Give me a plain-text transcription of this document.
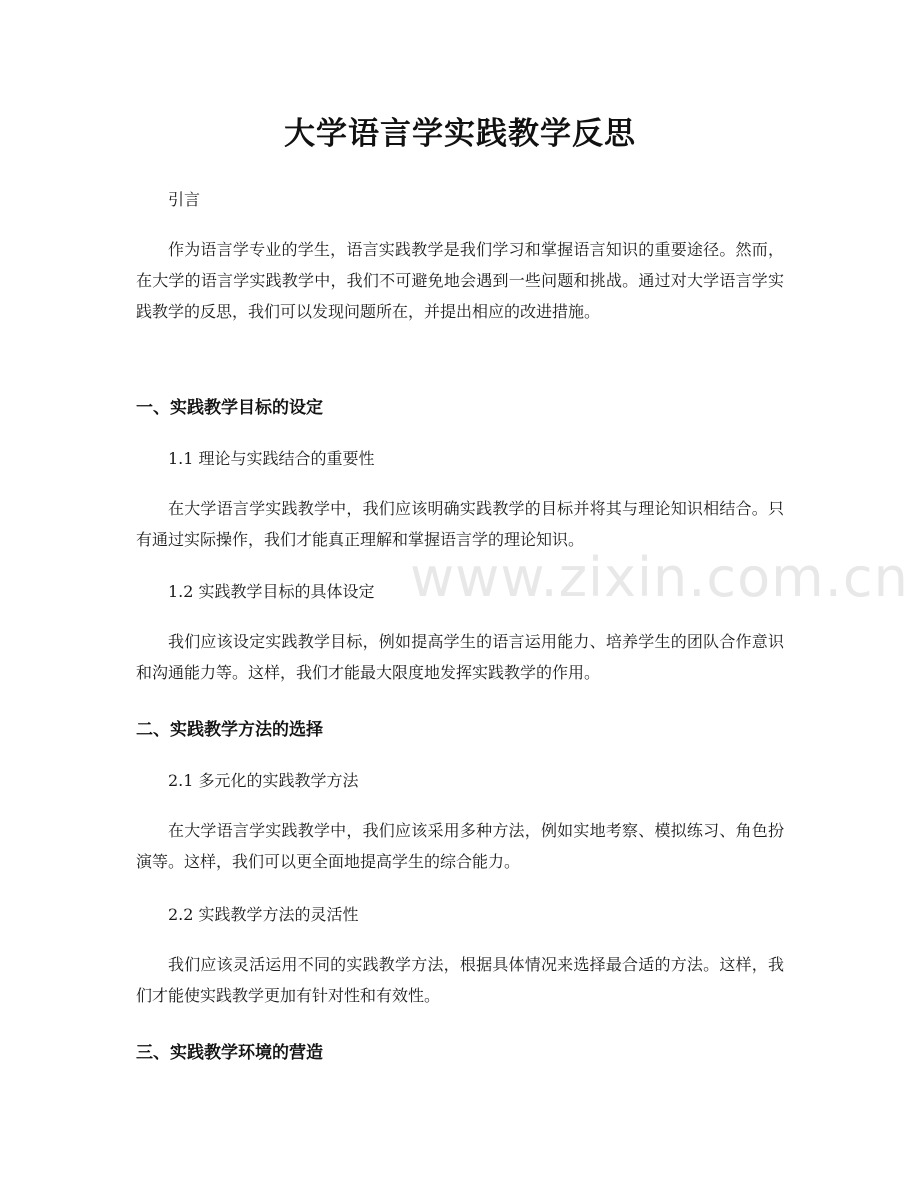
大学语言学实践教学反思

引言

作为语言学专业的学生，语言实践教学是我们学习和掌握语言知识的重要途径。然而，在大学的语言学实践教学中，我们不可避免地会遇到一些问题和挑战。通过对大学语言学实践教学的反思，我们可以发现问题所在，并提出相应的改进措施。

一、实践教学目标的设定

1.1 理论与实践结合的重要性

在大学语言学实践教学中，我们应该明确实践教学的目标并将其与理论知识相结合。只有通过实际操作，我们才能真正理解和掌握语言学的理论知识。

1.2 实践教学目标的具体设定

我们应该设定实践教学目标，例如提高学生的语言运用能力、培养学生的团队合作意识和沟通能力等。这样，我们才能最大限度地发挥实践教学的作用。

二、实践教学方法的选择

2.1 多元化的实践教学方法

在大学语言学实践教学中，我们应该采用多种方法，例如实地考察、模拟练习、角色扮演等。这样，我们可以更全面地提高学生的综合能力。

2.2 实践教学方法的灵活性

我们应该灵活运用不同的实践教学方法，根据具体情况来选择最合适的方法。这样，我们才能使实践教学更加有针对性和有效性。

三、实践教学环境的营造
www.zixin.com.cn
